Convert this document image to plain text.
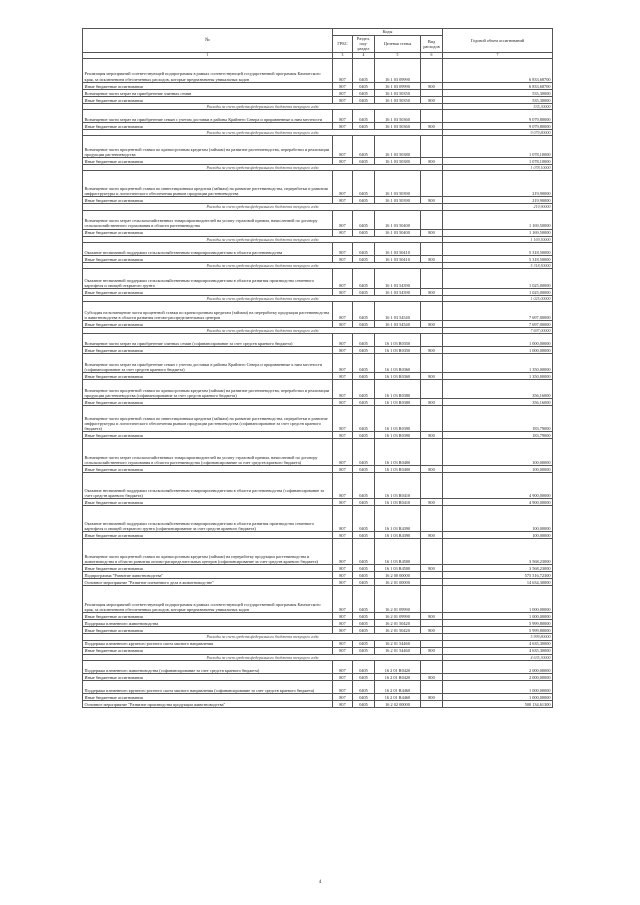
№	Коды				Годовой объем ассигнований
	ГРБС	Раздел, под-раздел	Целевая статья	Вид расходов	
1	3	4	5	6	7
Реализация мероприятий соответствующей подпрограммы в рамках соответствующей государственной программы Камчатского края, за исключением обеспеченных расходов, которые предназначены уникальных кодов	807	0405	16 1 03 09990		6 833,68700
Иные бюджетные ассигнования	807	0405	16 1 03 09990	800	6 833,68700
Возмещение части затрат на приобретение элитных семян	807	0405	16 1 03 50350		535,30000
Иные бюджетные ассигнования	807	0405	16 1 03 50350	800	535,30000
Расходы за счет средств федерального бюджета текущего года					535,30000
Возмещение части затрат на приобретение семян с учетом доставки в районы Крайнего Севера и приравненные к ним местности	807	0405	16 1 03 50360		9 079,80000
Иные бюджетные ассигнования	807	0405	16 1 03 50360	800	9 079,80000
Расходы за счет средств федерального бюджета текущего года					9 079,80000
Возмещение части процентной ставки по краткосрочным кредитам (займам) на развитие растениеводства, переработки и реализации продукции растениеводства	807	0405	16 1 03 50380		1 078,10000
Иные бюджетные ассигнования	807	0405	16 1 03 50380	800	1 078,10000
Расходы за счет средств федерального бюджета текущего года					1 078,10000
Возмещение части процентной ставки по инвестиционным кредитам (займам) на развитие растениеводства, переработки и развития инфраструктуры и логистического обеспечения рынков продукции растениеводства	807	0405	16 1 03 50390		219,90000
Иные бюджетные ассигнования	807	0405	16 1 03 50390	800	219,90000
Расходы за счет средств федерального бюджета текущего года					219,90000
Возмещение части затрат сельскохозяйственных товаропроизводителей на уплату страховой премии, начисленной по договору сельскохозяйственного страхования в области растениеводства	807	0405	16 1 03 50400		1 169,50000
Иные бюджетные ассигнования	807	0405	16 1 03 50400	800	1 169,50000
Расходы за счет средств федерального бюджета текущего года					1 169,50000
Оказание несвязанной поддержки сельскохозяйственным товаропроизводителям в области растениеводства	807	0405	16 1 03 50410		5 318,50000
Иные бюджетные ассигнования	807	0405	16 1 03 50410	800	5 318,50000
Расходы за счет средств федерального бюджета текущего года					5 318,50000
Оказание несвязанной поддержки сельскохозяйственным товаропроизводителям в области развития производства семенного картофеля и овощей открытого грунта	807	0405	16 1 03 54390		1 025,00000
Иные бюджетные ассигнования	807	0405	16 1 03 54390	800	1 025,00000
Расходы за счет средств федерального бюджета текущего года					1 025,00000
Субсидия на возмещение части процентной ставки по краткосрочным кредитам (займам) на переработку продукции растениеводства и животноводства в области развития оптово-распределительных центров	807	0405	16 1 03 54540		7 697,00000
Иные бюджетные ассигнования	807	0405	16 1 03 54540	800	7 697,00000
Расходы за счет средств федерального бюджета текущего года					7 697,00000
Возмещение части затрат на приобретение элитных семян (софинансирование за счет средств краевого бюджета)	807	0405	16 1 03 R0350		1 000,00000
Иные бюджетные ассигнования	807	0405	16 1 03 R0350	800	1 000,00000
Возмещение части затрат на приобретение семян с учетом доставки в районы Крайнего Севера и приравненные к ним местности (софинансирование за счет средств краевого бюджета)	807	0405	16 1 03 R0360		1 350,00000
Иные бюджетные ассигнования	807	0405	16 1 03 R0360	800	1 350,00000
Возмещение части процентной ставки по краткосрочным кредитам (займам) на развитие растениеводства, переработки и реализации продукции растениеводства (софинансирование за счет средств краевого бюджета)	807	0405	16 1 03 R0380		356,16000
Иные бюджетные ассигнования	807	0405	16 1 03 R0380	800	356,16000
Возмещение части процентной ставки по инвестиционным кредитам (займам) на развитие растениеводства, переработки и развитие инфраструктуры и логистического обеспечения рынков продукции растениеводства (софинансирование за счет средств краевого бюджета)	807	0405	16 1 03 R0390		183,79000
Иные бюджетные ассигнования	807	0405	16 1 03 R0390	800	183,79000
Возмещение части затрат сельскохозяйственных товаропроизводителей на уплату страховой премии, начисленной по договору сельскохозяйственного страхования в области растениеводства (софинансирование за счет средств краевого бюджета)	807	0405	16 1 03 R0400		100,00000
Иные бюджетные ассигнования	807	0405	16 1 03 R0400	800	100,00000
Оказание несвязанной поддержки сельскохозяйственным товаропроизводителям в области растениеводства (софинансирование за счет средств краевого бюджета)	807	0405	16 1 03 R0410		4 900,00000
Иные бюджетные ассигнования	807	0405	16 1 03 R0410	800	4 900,00000
Оказание несвязанной поддержки сельскохозяйственным товаропроизводителям в области развития производства семенного картофеля и овощей открытого грунта (софинансирование за счет средств краевого бюджета)	807	0405	16 1 03 R4390		100,00000
Иные бюджетные ассигнования	807	0405	16 1 03 R4390	800	100,00000
Возмещение части процентной ставки по краткосрочным кредитам (займам) на переработку продукции растениеводства и животноводства в области развития оптово-распределительных центров (софинансирование за счет средств краевого бюджета)	807	0405	16 1 03 R4500		3 568,23000
Иные бюджетные ассигнования	807	0405	16 1 03 R4500	800	3 568,23000
Подпрограмма "Развитие животноводства"	807	0405	16 2 00 00000		575 516,72300
Основное мероприятие "Развитие племенного дела в животноводстве"	807	0405	16 2 01 00000		14 634,30000
Реализация мероприятий соответствующей подпрограммы в рамках соответствующей государственной программы Камчатского края, за исключением обеспеченных расходов, которые предназначены уникальных кодов	807	0405	16 2 01 09990		1 000,00000
Иные бюджетные ассигнования	807	0405	16 2 01 09990	800	1 000,00000
Поддержка племенного животноводства	807	0405	16 2 01 50420		5 999,80000
Иные бюджетные ассигнования	807	0405	16 2 01 50420	800	5 999,80000
Расходы за счет средств федерального бюджета текущего года					5 999,80000
Поддержка племенного крупного рогатого скота мясного направления	807	0405	16 2 01 54460		4 635,30000
Иные бюджетные ассигнования	807	0405	16 2 01 54460	800	4 635,30000
Расходы за счет средств федерального бюджета текущего года					4 635,30000
Поддержка племенного животноводства (софинансирование за счет средств краевого бюджета)	807	0405	16 2 01 R0420		2 000,00000
Иные бюджетные ассигнования	807	0405	16 2 01 R0420	800	2 000,00000
Поддержка племенного крупного рогатого скота мясного направления (софинансирование за счет средств краевого бюджета)	807	0405	16 2 01 R4460		1 000,00000
Иные бюджетные ассигнования	807	0405	16 2 01 R4460	800	1 000,00000
Основное мероприятие "Развитие производства продукции животноводства"	807	0405	16 2 02 00000		500 134,61300
4
